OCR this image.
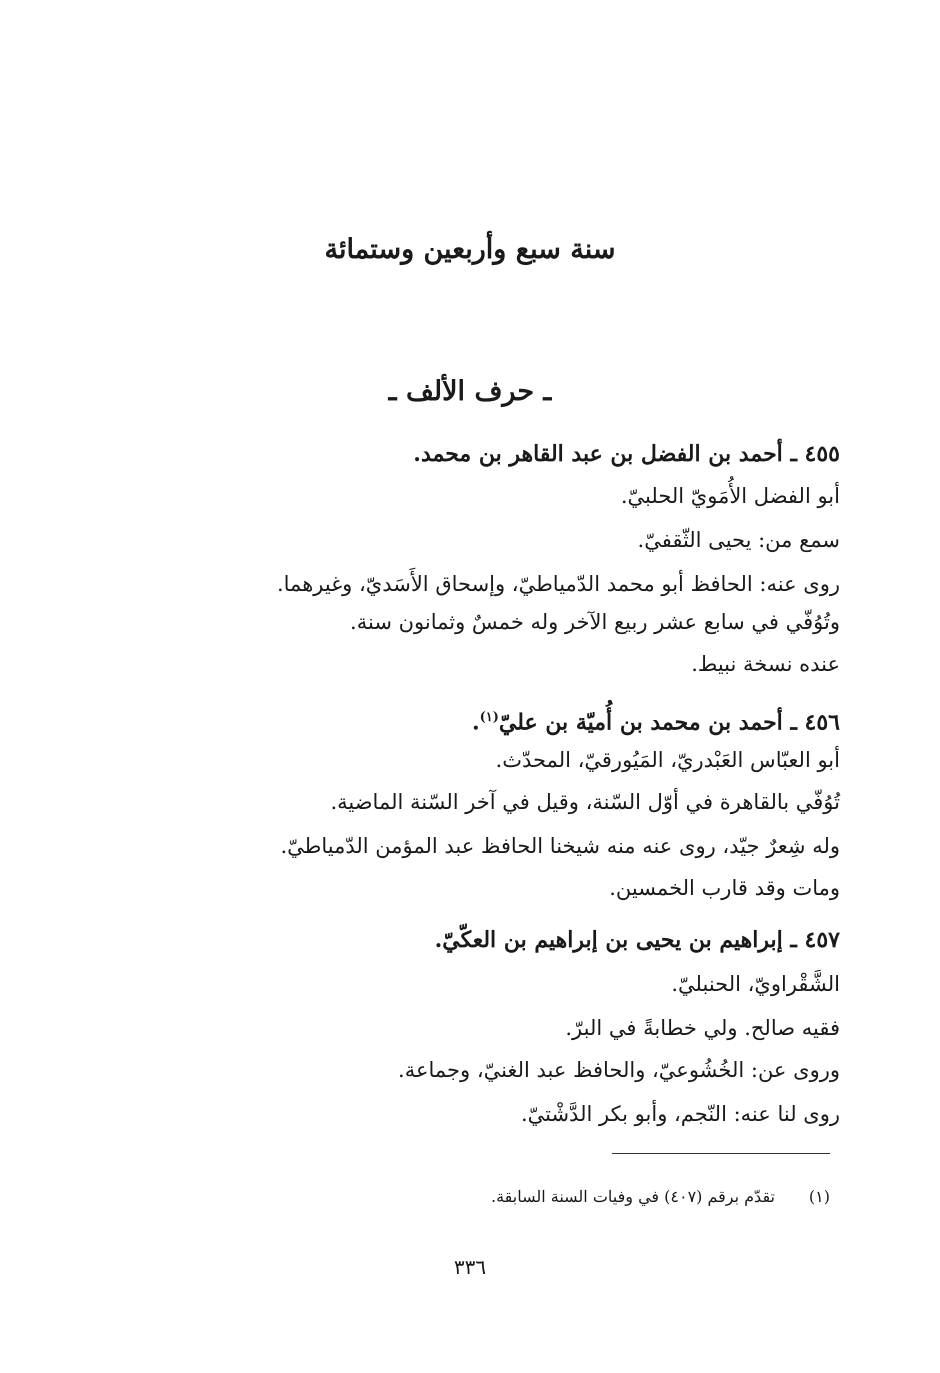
سنة سبع وأربعين وستمائة
ـ حرف الألف ـ
٤٥٥ ـ أحمد بن الفضل بن عبد القاهر بن محمد.
أبو الفضل الأُمَويّ الحلبيّ.
سمع من: يحيى الثّقفيّ.
روى عنه: الحافظ أبو محمد الدّمياطيّ، وإسحاق الأَسَديّ، وغيرهما.
وتُوُفّي في سابع عشر ربيع الآخر وله خمسٌ وثمانون سنة.
عنده نسخة نبيط.
٤٥٦ ـ أحمد بن محمد بن أُميّة بن عليّ$^{(١)}$.
أبو العبّاس العَبْدريّ، المَيُورقيّ، المحدّث.
تُوُفّي بالقاهرة في أوّل السّنة، وقيل في آخر السّنة الماضية.
وله شِعرٌ جيّد، روى عنه منه شيخنا الحافظ عبد المؤمن الدّمياطيّ.
ومات وقد قارب الخمسين.
٤٥٧ ـ إبراهيم بن يحيى بن إبراهيم بن العكّيّ.
الشَّقْراويّ، الحنبليّ.
فقيه صالح. ولي خطابةً في البرّ.
وروى عن: الخُشُوعيّ، والحافظ عبد الغنيّ، وجماعة.
روى لنا عنه: النّجم، وأبو بكر الدَّشْتيّ.
(١)تقدّم برقم (٤٠٧) في وفيات السنة السابقة.
٣٣٦
